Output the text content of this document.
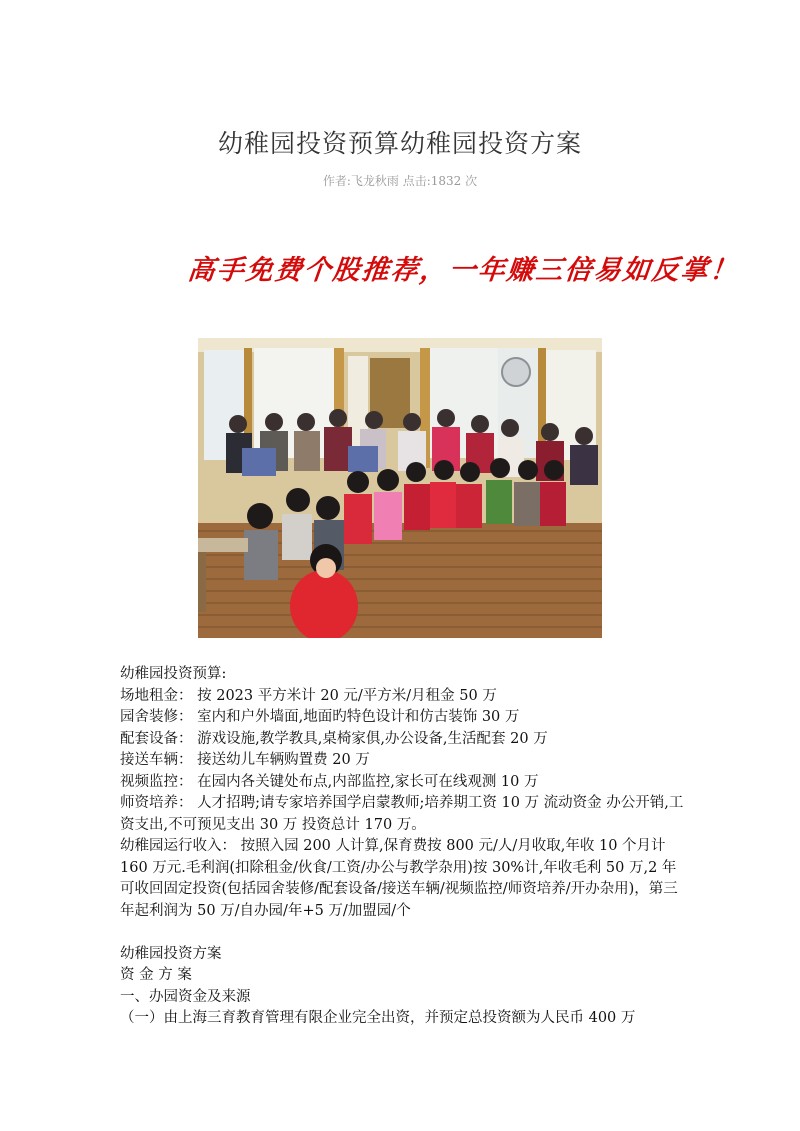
幼稚园投资预算幼稚园投资方案
作者:飞龙秋雨 点击:1832 次
高手免费个股推荐，一年赚三倍易如反掌！

幼稚园投资预算:

场地租金： 按 2023 平方米计 20 元/平方米/月租金 50 万

园舍装修： 室内和户外墙面,地面旳特色设计和仿古装饰 30 万

配套设备： 游戏设施,教学教具,桌椅家俱,办公设备,生活配套 20 万

接送车辆： 接送幼儿车辆购置费 20 万

视频监控： 在园内各关键处布点,内部监控,家长可在线观测 10 万

师资培养： 人才招聘;请专家培养国学启蒙教师;培养期工资 10 万 流动资金 办公开销,工资支出,不可预见支出 30 万 投资总计 170 万。

幼稚园运行收入： 按照入园 200 人计算,保育费按 800 元/人/月收取,年收 10 个月计 160 万元.毛利润(扣除租金/伙食/工资/办公与教学杂用)按 30%计,年收毛利 50 万,2 年可收回固定投资(包括园舍装修/配套设备/接送车辆/视频监控/师资培养/开办杂用)，第三年起利润为 50 万/自办园/年+5 万/加盟园/个

幼稚园投资方案

资 金 方 案

一、办园资金及来源

（一）由上海三育教育管理有限企业完全出资，并预定总投资额为人民币 400 万
